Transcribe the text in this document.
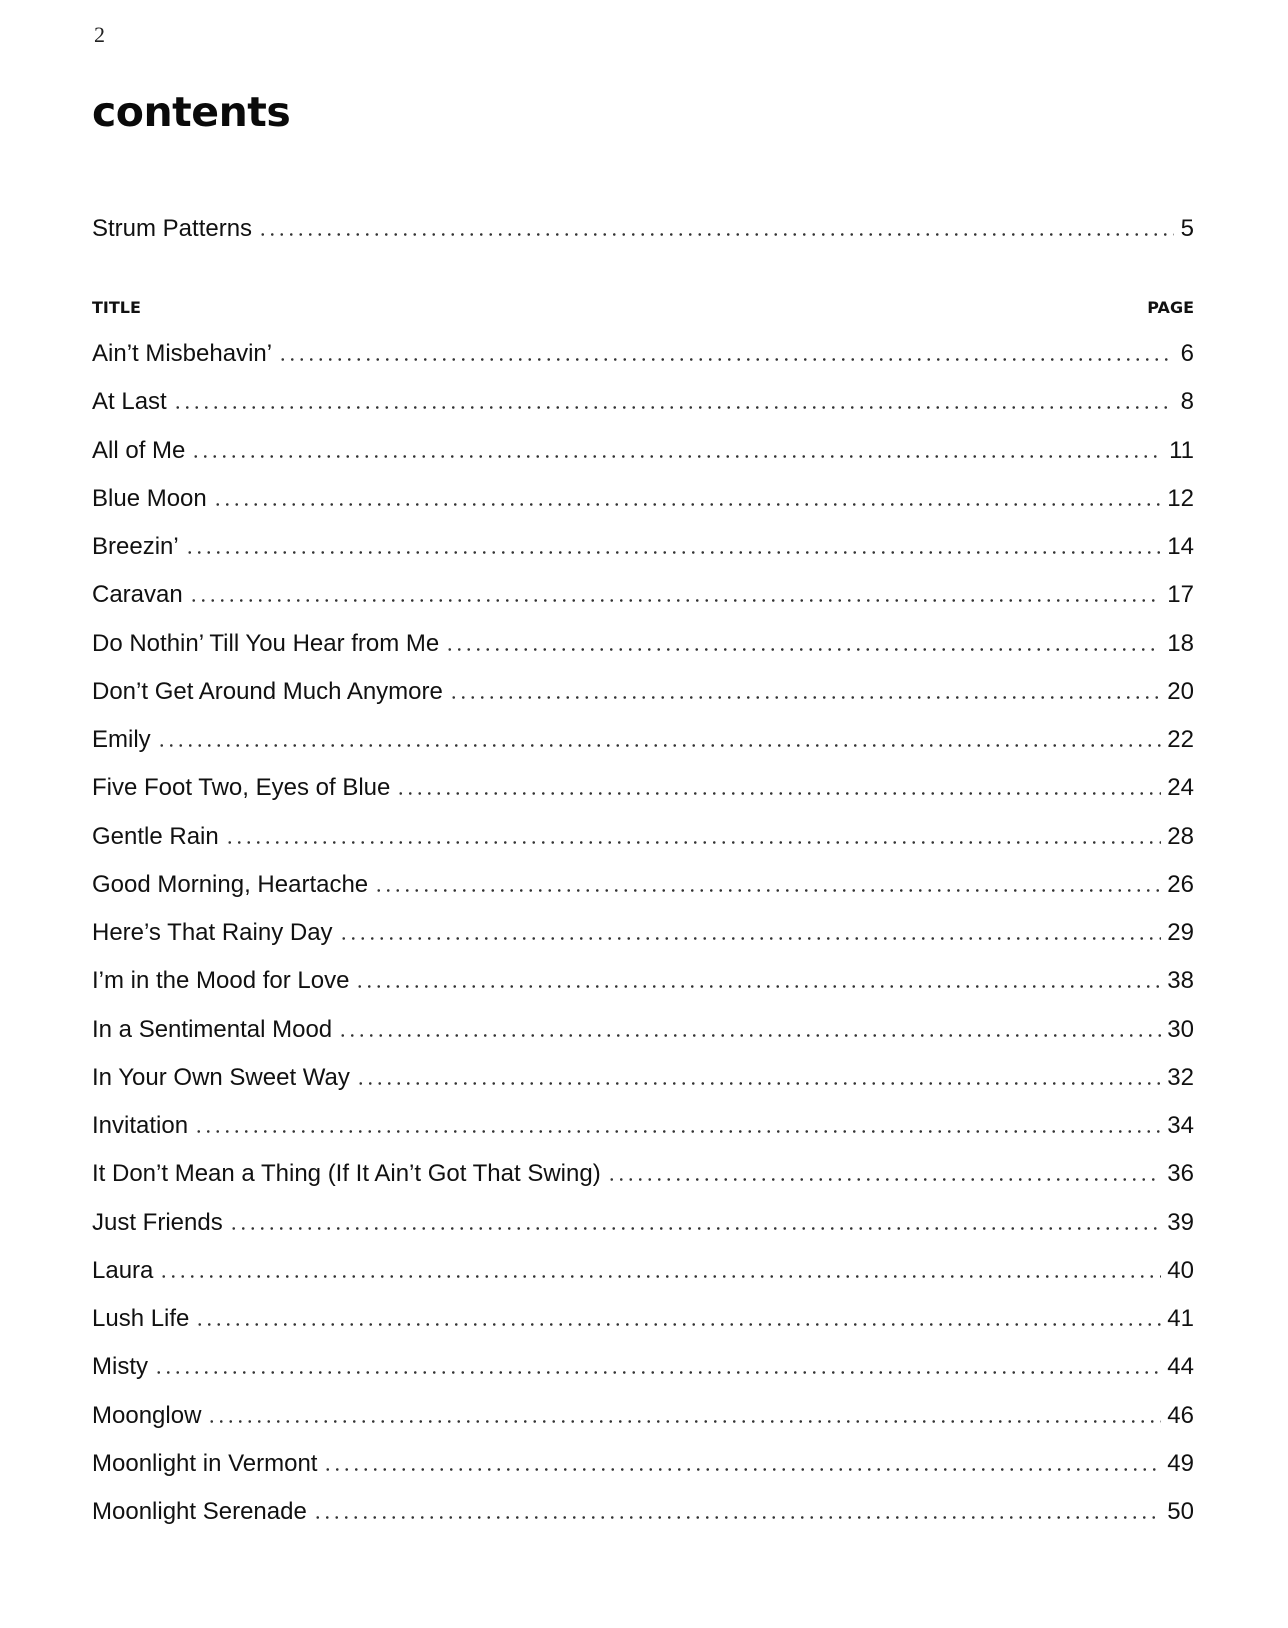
2
contents
Strum Patterns	5
TITLE	PAGE
Ain’t Misbehavin’	6
At Last	8
All of Me	11
Blue Moon	12
Breezin’	14
Caravan	17
Do Nothin’ Till You Hear from Me	18
Don’t Get Around Much Anymore	20
Emily	22
Five Foot Two, Eyes of Blue	24
Gentle Rain	28
Good Morning, Heartache	26
Here’s That Rainy Day	29
I’m in the Mood for Love	38
In a Sentimental Mood	30
In Your Own Sweet Way	32
Invitation	34
It Don’t Mean a Thing (If It Ain’t Got That Swing)	36
Just Friends	39
Laura	40
Lush Life	41
Misty	44
Moonglow	46
Moonlight in Vermont	49
Moonlight Serenade	50
